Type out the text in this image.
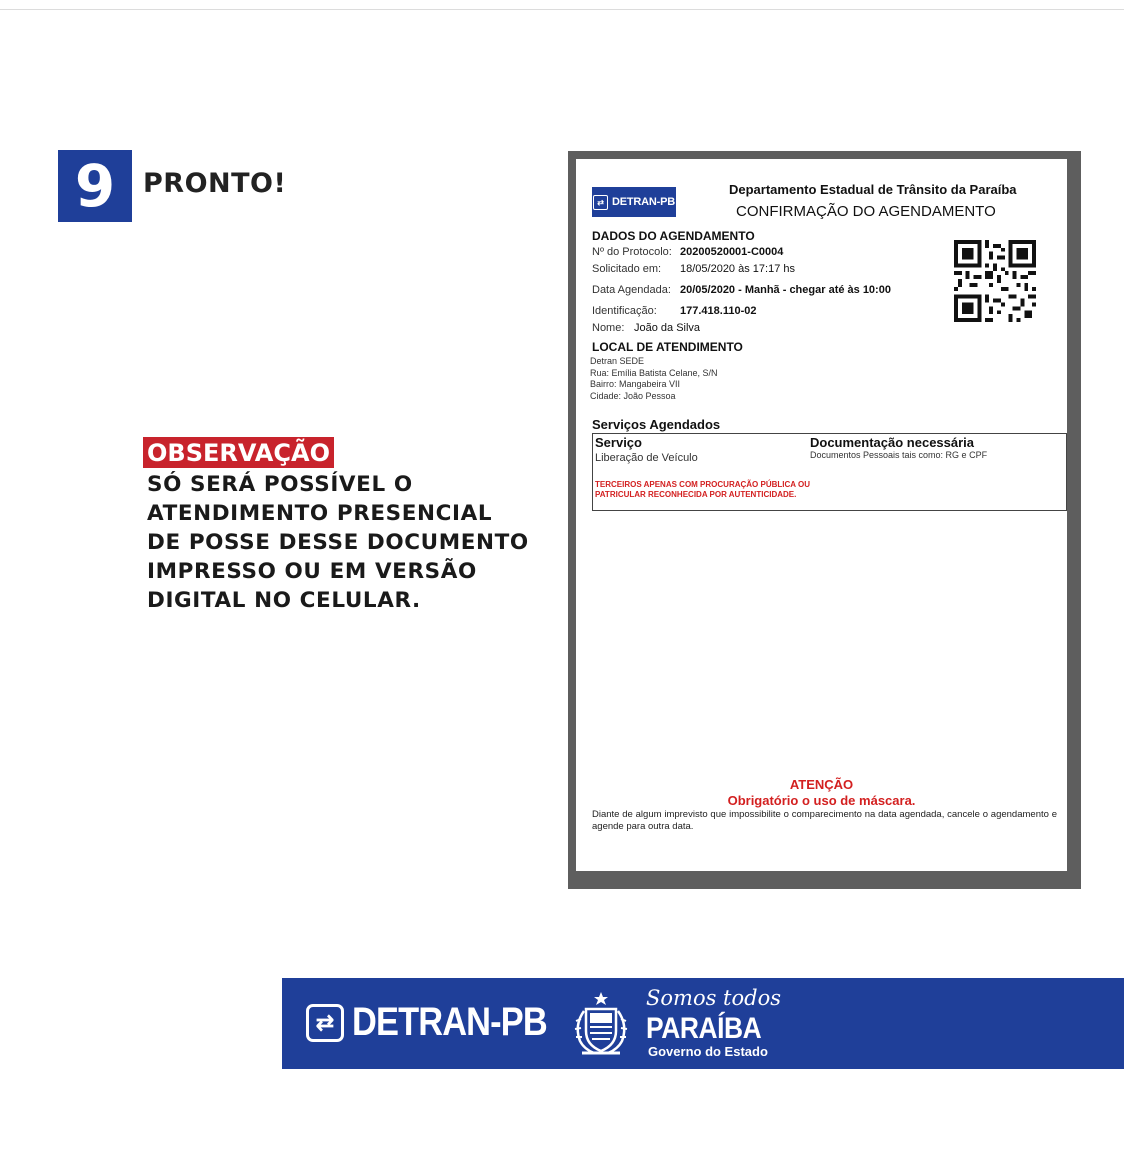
9	PRONTO!
OBSERVAÇÃO
SÓ SERÁ POSSÍVEL O
ATENDIMENTO PRESENCIAL
DE POSSE DESSE DOCUMENTO
IMPRESSO OU EM VERSÃO
DIGITAL NO CELULAR.
⇄ DETRAN-PB
Departamento Estadual de Trânsito da Paraíba
CONFIRMAÇÃO DO AGENDAMENTO
DADOS DO AGENDAMENTO
Nº do Protocolo: 20200520001-C0004
Solicitado em: 18/05/2020 às 17:17 hs
Data Agendada: 20/05/2020 - Manhã - chegar até às 10:00
Identificação: 177.418.110-02
Nome: João da Silva
LOCAL DE ATENDIMENTO
Detran SEDE
Rua: Emília Batista Celane, S/N
Bairro: Mangabeira VII
Cidade: João Pessoa
Serviços Agendados
Serviço	Documentação necessária
Liberação de Veículo	Documentos Pessoais tais como: RG e CPF
TERCEIROS APENAS COM PROCURAÇÃO PÚBLICA OU PATRICULAR RECONHECIDA POR AUTENTICIDADE.
ATENÇÃO
Obrigatório o uso de máscara.
Diante de algum imprevisto que impossibilite o comparecimento na data agendada, cancele o agendamento e agende para outra data.
⇄ DETRAN-PB
Somos todos
PARAÍBA
Governo do Estado
